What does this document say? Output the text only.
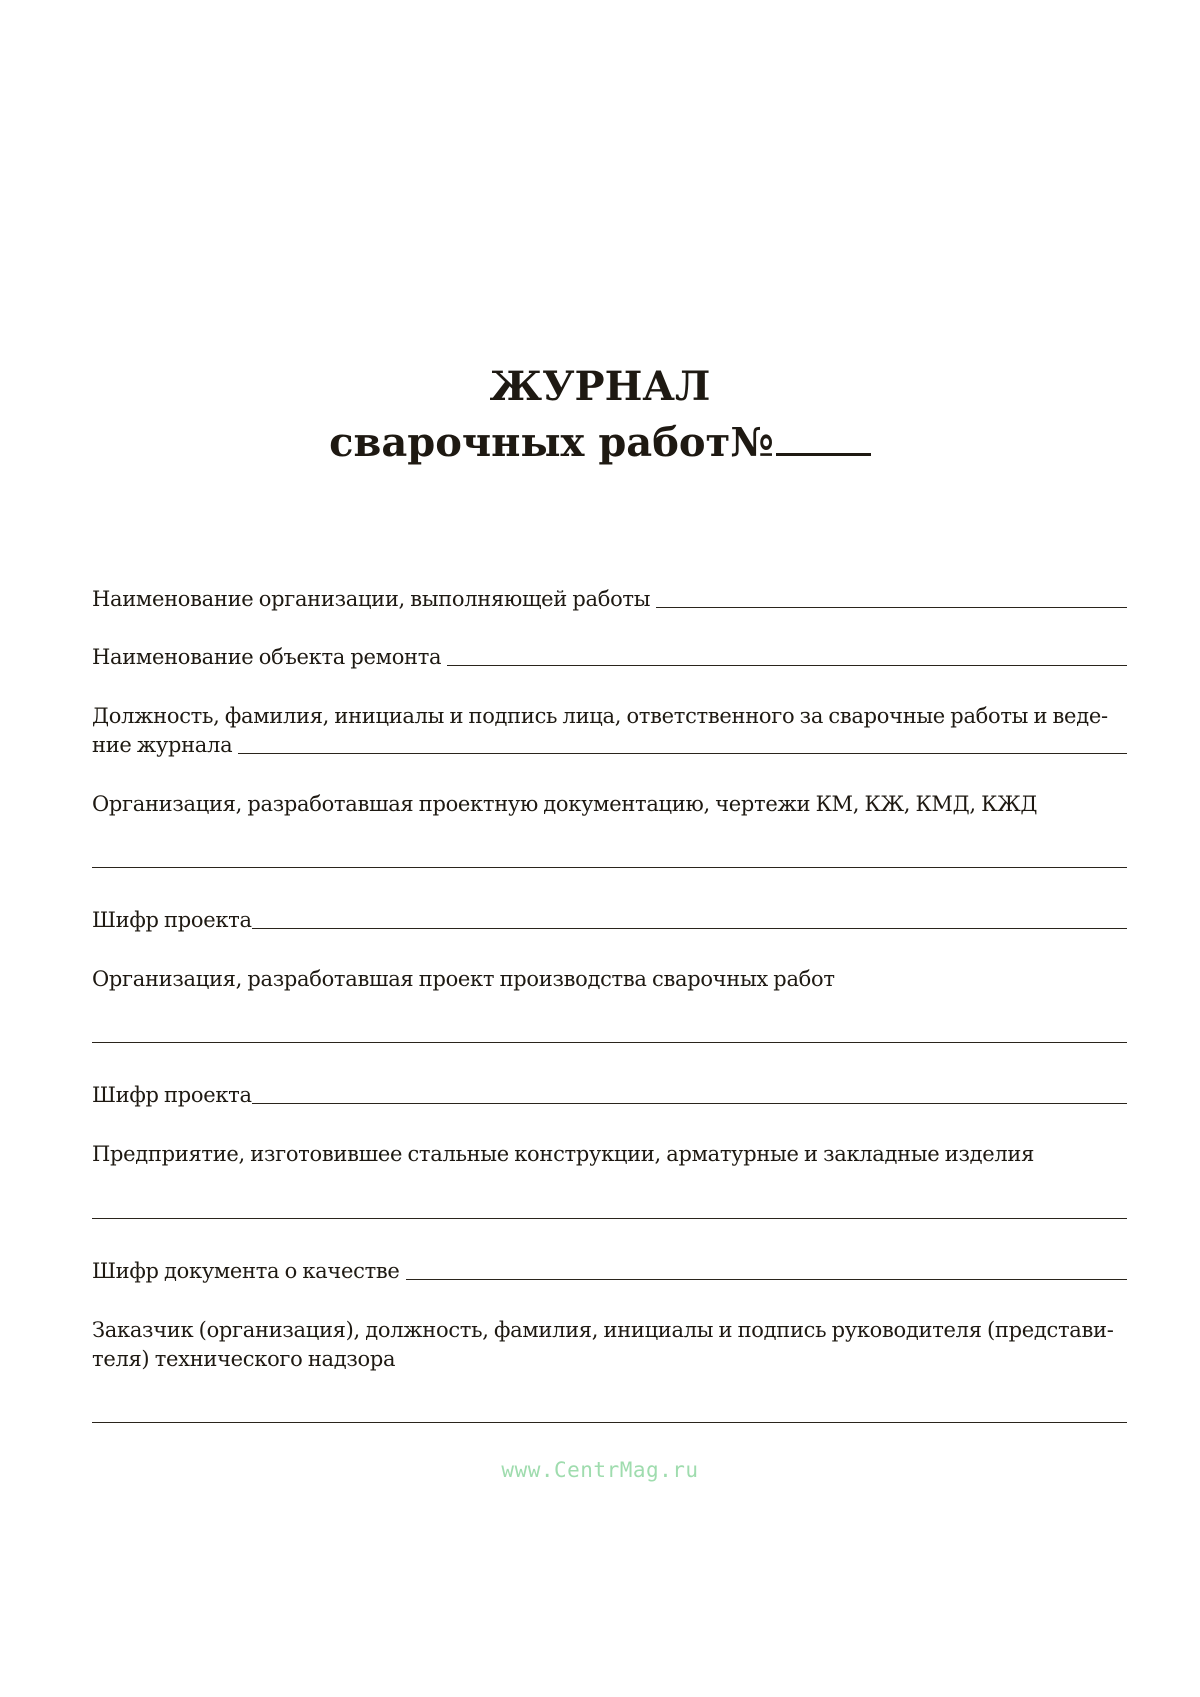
ЖУРНАЛ
сварочных работ№
Наименование организации, выполняющей работы
Наименование объекта ремонта
Должность, фамилия, инициалы и подпись лица, ответственного за сварочные работы и веде-
ние журнала
Организация, разработавшая проектную документацию, чертежи КМ, КЖ, КМД, КЖД
Шифр проекта
Организация, разработавшая проект производства сварочных работ
Шифр проекта
Предприятие, изготовившее стальные конструкции, арматурные и закладные изделия
Шифр документа о качестве
Заказчик (организация), должность, фамилия, инициалы и подпись руководителя (представи-
теля) технического надзора
www.CentrMag.ru
